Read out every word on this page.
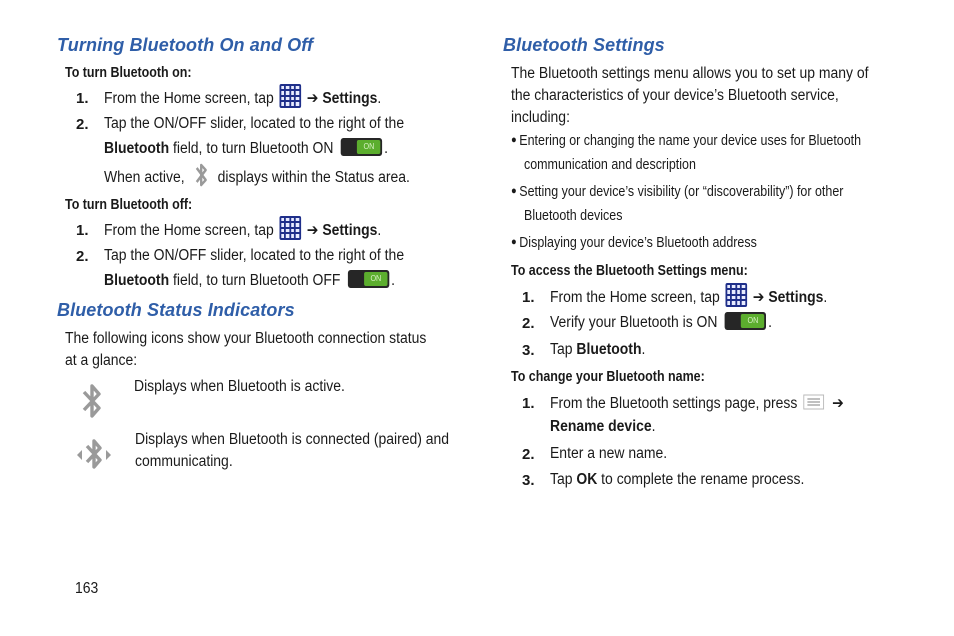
Turning Bluetooth On and Off
To turn Bluetooth on:
1. From the Home screen, tap ➔ Settings.
2. Tap the ON/OFF slider, located to the right of the
Bluetooth field, to turn Bluetooth ON	ON .
When active,  displays within the Status area.
To turn Bluetooth off:
1. From the Home screen, tap ➔ Settings.
2. Tap the ON/OFF slider, located to the right of the
Bluetooth field, to turn Bluetooth OFF	ON .
Bluetooth Status Indicators
The following icons show your Bluetooth connection status
at a glance:
Displays when Bluetooth is active.
Displays when Bluetooth is connected (paired) and
communicating.
Bluetooth Settings
The Bluetooth settings menu allows you to set up many of
the characteristics of your device’s Bluetooth service,
including:
● Entering or changing the name your device uses for Bluetooth
communication and description
● Setting your device’s visibility (or “discoverability”) for other
Bluetooth devices
● Displaying your device’s Bluetooth address
To access the Bluetooth Settings menu:
1. From the Home screen, tap ➔ Settings.
2. Verify your Bluetooth is ON	ON .
3. Tap Bluetooth.
To change your Bluetooth name:
1. From the Bluetooth settings page, press ➔
Rename device.
2. Enter a new name.
3. Tap OK to complete the rename process.
163
